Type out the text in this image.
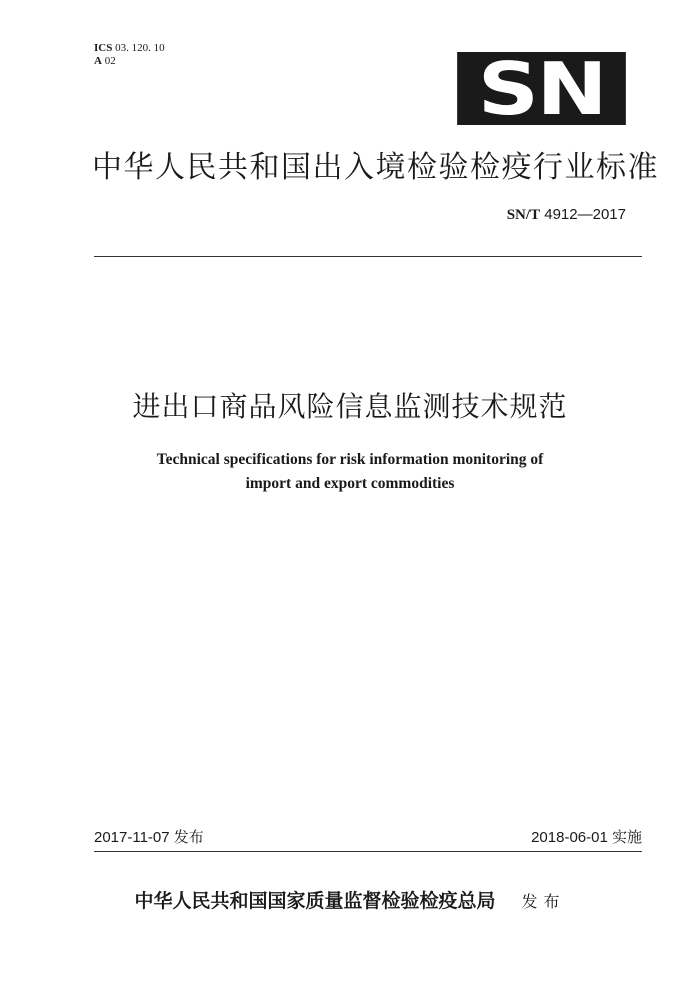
ICS 03. 120. 10
A 02	SN
中华人民共和国出入境检验检疫行业标准
SN/T 4912—2017
进出口商品风险信息监测技术规范
Technical specifications for risk information monitoring of
import and export commodities
2017-11-07 发布	2018-06-01 实施
中华人民共和国国家质量监督检验检疫总局 发布
